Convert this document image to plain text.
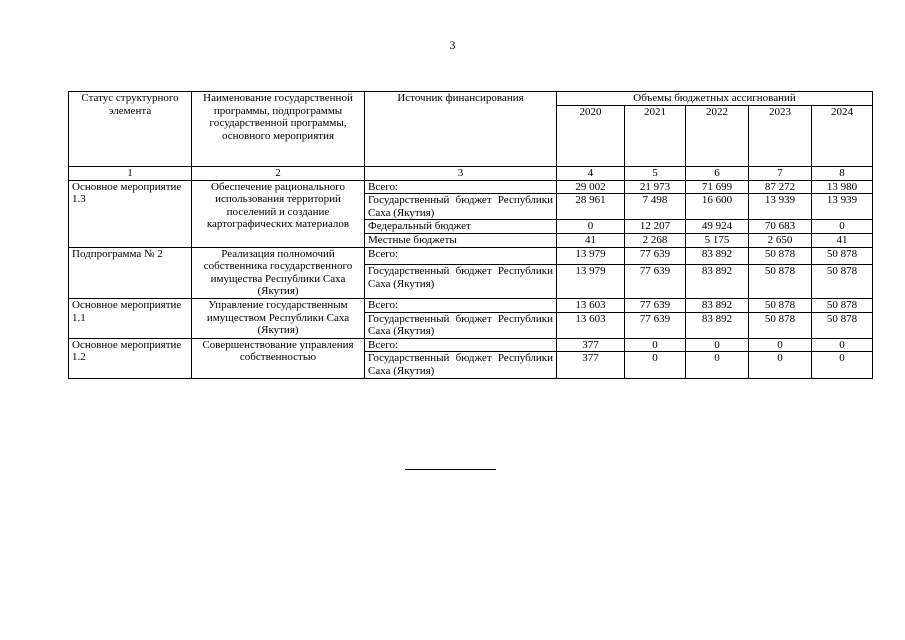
3
Статус структурного элемента	Наименование государственной программы, подпрограммы государственной программы, основного мероприятия	Источник финансирования	Объемы бюджетных ассигнований				
			2020	2021	2022	2023	2024
1	2	3	4	5	6	7	8
Основное мероприятие 1.3	Обеспечение рационального использования территорий поселений и создание картографических материалов	Всего:	29 002	21 973	71 699	87 272	13 980
		Государственный бюджет Республики Саха (Якутия)	28 961	7 498	16 600	13 939	13 939
		Федеральный бюджет	0	12 207	49 924	70 683	0
		Местные бюджеты	41	2 268	5 175	2 650	41
Подпрограмма № 2	Реализация полномочий собственника государственного имущества Республики Саха (Якутия)	Всего:	13 979	77 639	83 892	50 878	50 878
		Государственный бюджет Республики Саха (Якутия)	13 979	77 639	83 892	50 878	50 878
Основное мероприятие 1.1	Управление государственным имуществом Республики Саха (Якутия)	Всего:	13 603	77 639	83 892	50 878	50 878
		Государственный бюджет Республики Саха (Якутия)	13 603	77 639	83 892	50 878	50 878
Основное мероприятие 1.2	Совершенствование управления собственностью	Всего:	377	0	0	0	0
		Государственный бюджет Республики Саха (Якутия)	377	0	0	0	0
